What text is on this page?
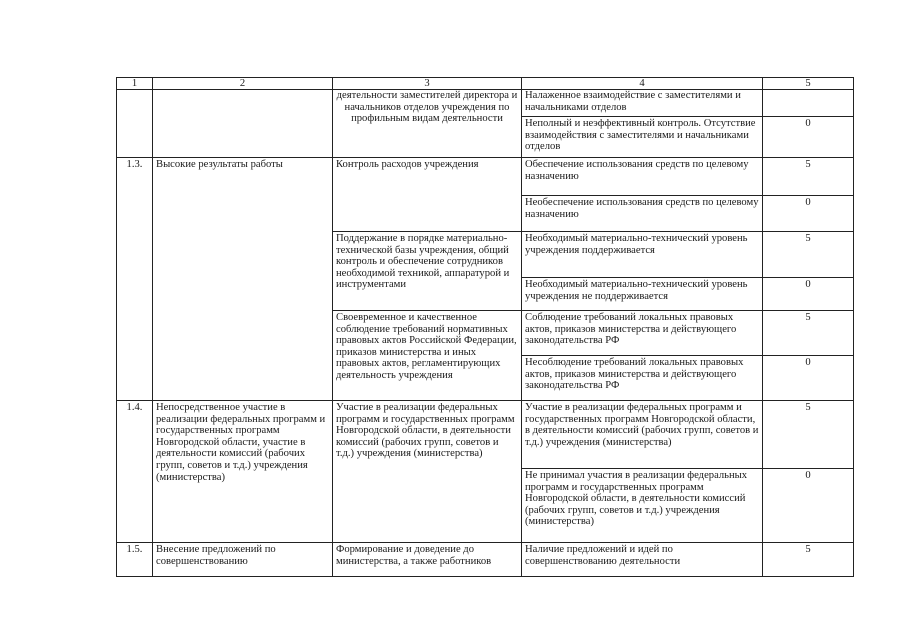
1	2	3	4	5
		деятельности заместителей директора и начальников отделов учреждения по профильным видам деятельности	Налаженное взаимодействие с заместителями и начальниками отделов	
			Неполный и неэффективный контроль. Отсутствие взаимодействия с заместителями и начальниками отделов	0
1.3.	Высокие результаты работы	Контроль расходов учреждения	Обеспечение использования средств по целевому назначению	5
			Необеспечение использования средств по целевому назначению	0
		Поддержание в порядке материально-технической базы учреждения, общий контроль и обеспечение сотрудников необходимой техникой, аппаратурой и инструментами	Необходимый материально-технический уровень учреждения поддерживается	5
			Необходимый материально-технический уровень учреждения не поддерживается	0
		Своевременное и качественное соблюдение требований нормативных правовых актов Российской Федерации, приказов министерства и иных правовых актов, регламентирующих деятельность учреждения	Соблюдение требований локальных правовых актов, приказов министерства и действующего законодательства РФ	5
			Несоблюдение требований локальных правовых актов, приказов министерства и действующего законодательства РФ	0
1.4.	Непосредственное участие в реализации федеральных программ и государственных программ Новгородской области, участие в деятельности комиссий (рабочих групп, советов и т.д.) учреждения (министерства)	Участие в реализации федеральных программ и государственных программ Новгородской области, в деятельности комиссий (рабочих групп, советов и т.д.) учреждения (министерства)	Участие в реализации федеральных программ и государственных программ Новгородской области, в деятельности комиссий (рабочих групп, советов и т.д.) учреждения (министерства)	5
			Не принимал участия в реализации федеральных программ и государственных программ Новгородской области, в деятельности комиссий (рабочих групп, советов и т.д.) учреждения (министерства)	0
1.5.	Внесение предложений по совершенствованию	Формирование и доведение до министерства, а также работников	Наличие предложений и идей по совершенствованию деятельности	5
